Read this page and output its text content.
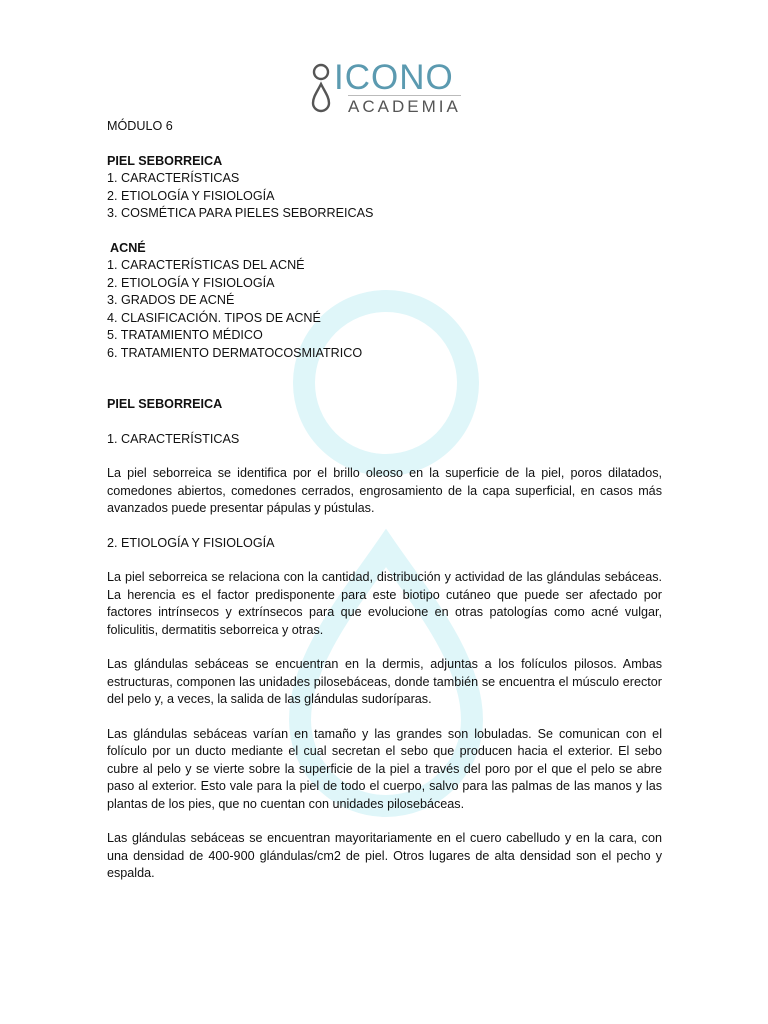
ICONO
ACADEMIA
MÓDULO 6
PIEL SEBORREICA
1. CARACTERÍSTICAS
2. ETIOLOGÍA Y FISIOLOGÍA
3. COSMÉTICA PARA PIELES SEBORREICAS
ACNÉ
1. CARACTERÍSTICAS DEL ACNÉ
2. ETIOLOGÍA Y FISIOLOGÍA
3. GRADOS DE ACNÉ
4. CLASIFICACIÓN. TIPOS DE ACNÉ
5. TRATAMIENTO MÉDICO
6. TRATAMIENTO DERMATOCOSMIATRICO
PIEL SEBORREICA
1. CARACTERÍSTICAS

La piel seborreica se identifica por el brillo oleoso en la superficie de la piel, poros dilatados, comedones abiertos, comedones cerrados, engrosamiento de la capa superficial, en casos más avanzados puede presentar pápulas y pústulas.

2. ETIOLOGÍA Y FISIOLOGÍA

La piel seborreica se relaciona con la cantidad, distribución y actividad de las glándulas sebáceas. La herencia es el factor predisponente para este biotipo cutáneo que puede ser afectado por factores intrínsecos y extrínsecos para que evolucione en otras patologías como acné vulgar, foliculitis, dermatitis seborreica y otras.

Las glándulas sebáceas se encuentran en la dermis, adjuntas a los folículos pilosos. Ambas estructuras, componen las unidades pilosebáceas, donde también se encuentra el músculo erector del pelo y, a veces, la salida de las glándulas sudoríparas.

Las glándulas sebáceas varían en tamaño y las grandes son lobuladas. Se comunican con el folículo por un ducto mediante el cual secretan el sebo que producen hacia el exterior. El sebo cubre al pelo y se vierte sobre la superficie de la piel a través del poro por el que el pelo se abre paso al exterior. Esto vale para la piel de todo el cuerpo, salvo para las palmas de las manos y las plantas de los pies, que no cuentan con unidades pilosebáceas.

Las glándulas sebáceas se encuentran mayoritariamente en el cuero cabelludo y en la cara, con una densidad de 400-900 glándulas/cm2 de piel. Otros lugares de alta densidad son el pecho y espalda.
